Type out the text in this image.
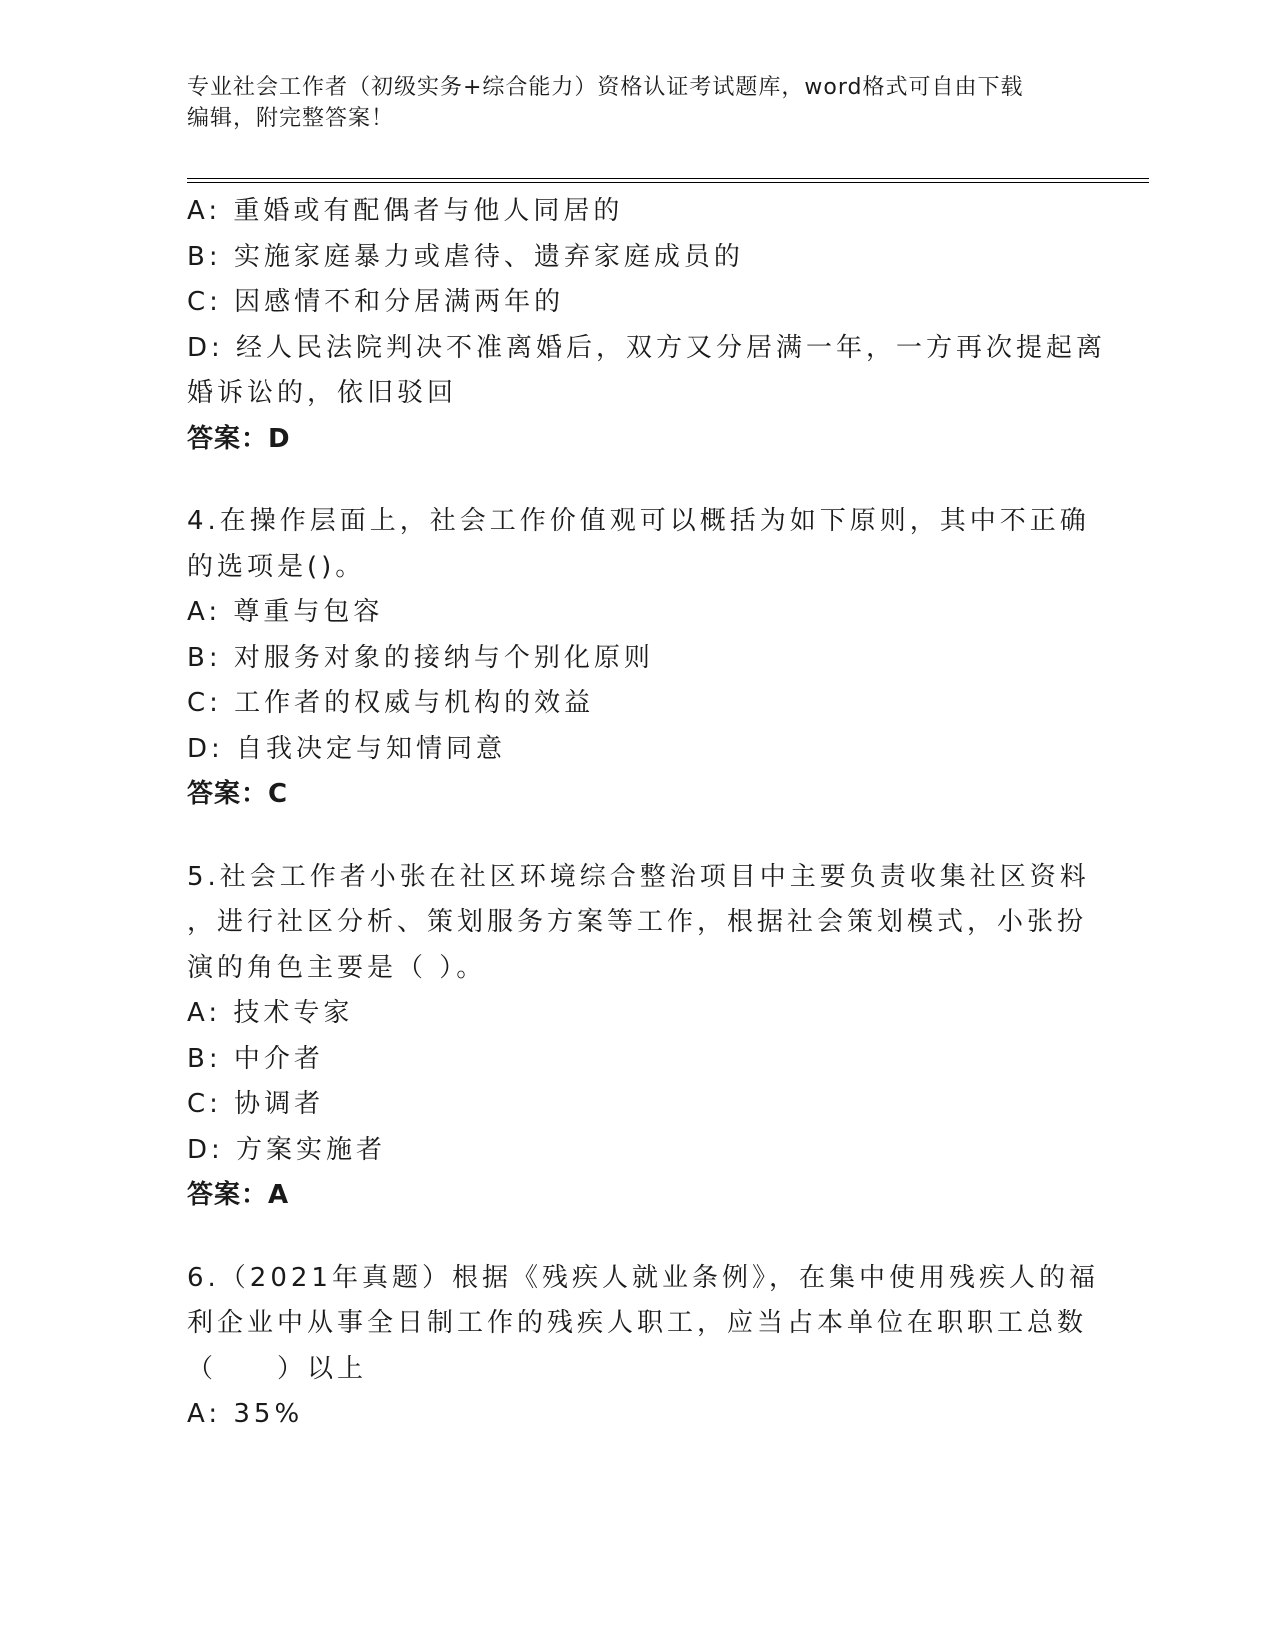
专业社会工作者（初级实务+综合能力）资格认证考试题库，word格式可自由下载
编辑，附完整答案！
A: 重婚或有配偶者与他人同居的
B: 实施家庭暴力或虐待、遗弃家庭成员的
C: 因感情不和分居满两年的
D: 经人民法院判决不准离婚后，双方又分居满一年，一方再次提起离
婚诉讼的，依旧驳回
答案：D
4.在操作层面上，社会工作价值观可以概括为如下原则，其中不正确
的选项是()。
A: 尊重与包容
B: 对服务对象的接纳与个别化原则
C: 工作者的权威与机构的效益
D: 自我决定与知情同意
答案：C
5.社会工作者小张在社区环境综合整治项目中主要负责收集社区资料
，进行社区分析、策划服务方案等工作，根据社会策划模式，小张扮
演的角色主要是（ ）。
A: 技术专家
B: 中介者
C: 协调者
D: 方案实施者
答案：A
6.（2021年真题）根据《残疾人就业条例》，在集中使用残疾人的福
利企业中从事全日制工作的残疾人职工，应当占本单位在职职工总数
（　　）以上
A: 35%
